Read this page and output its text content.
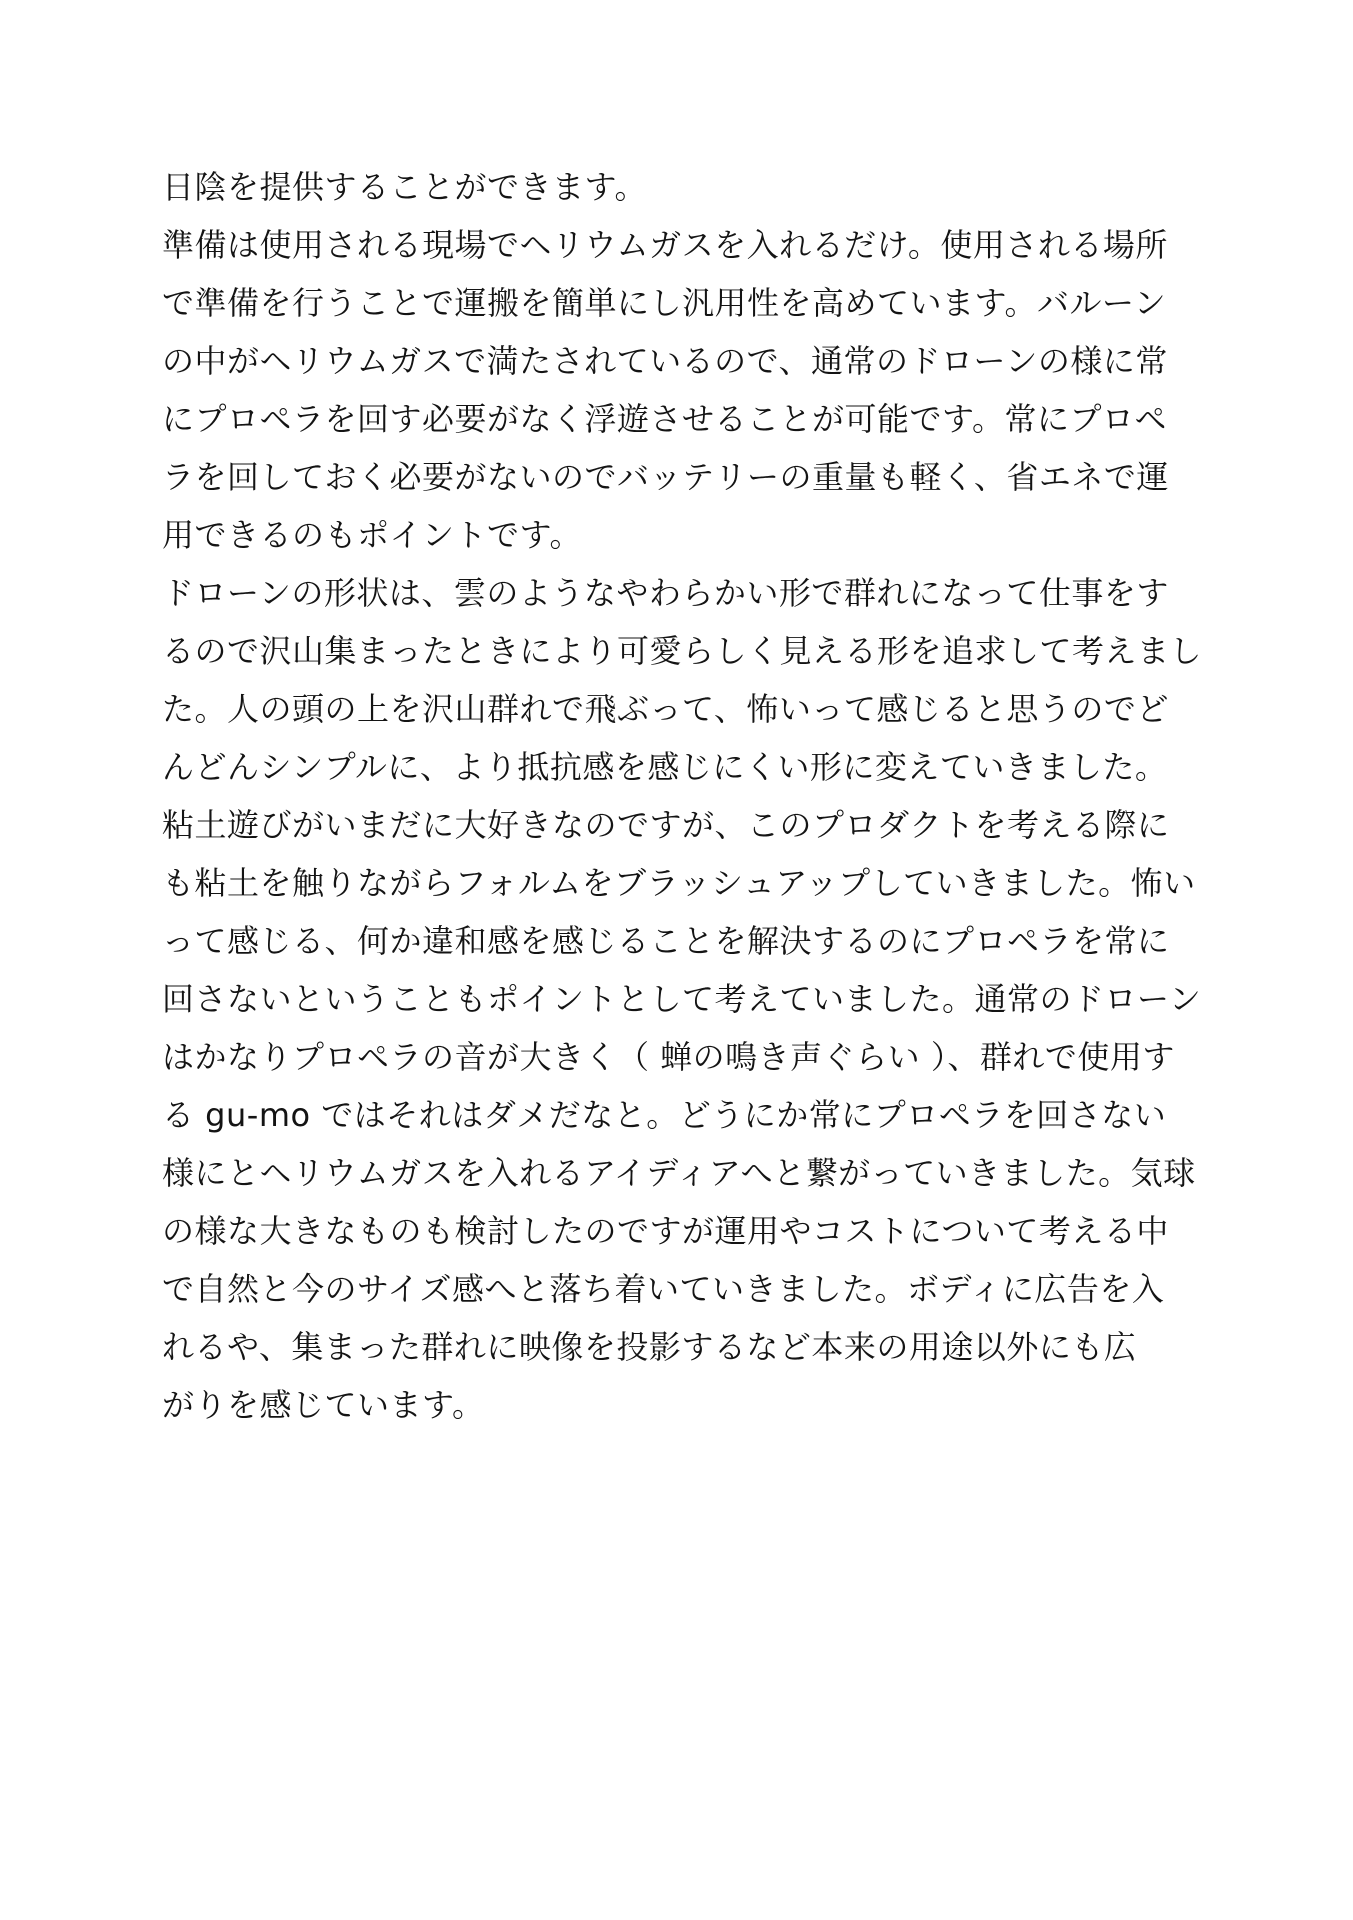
日陰を提供することができます。
準備は使用される現場でヘリウムガスを入れるだけ。使用される場所
で準備を行うことで運搬を簡単にし汎用性を高めています。バルーン
の中がヘリウムガスで満たされているので、通常のドローンの様に常
にプロペラを回す必要がなく浮遊させることが可能です。常にプロペ
ラを回しておく必要がないのでバッテリーの重量も軽く、省エネで運
用できるのもポイントです。
ドローンの形状は、雲のようなやわらかい形で群れになって仕事をす
るので沢山集まったときにより可愛らしく見える形を追求して考えまし
た。人の頭の上を沢山群れで飛ぶって、怖いって感じると思うのでど
んどんシンプルに、より抵抗感を感じにくい形に変えていきました。
粘土遊びがいまだに大好きなのですが、このプロダクトを考える際に
も粘土を触りながらフォルムをブラッシュアップしていきました。怖い
って感じる、何か違和感を感じることを解決するのにプロペラを常に
回さないということもポイントとして考えていました。通常のドローン
はかなりプロペラの音が大きく（ 蝉の鳴き声ぐらい ）、群れで使用す
る gu-mo ではそれはダメだなと。どうにか常にプロペラを回さない
様にとヘリウムガスを入れるアイディアへと繋がっていきました。気球
の様な大きなものも検討したのですが運用やコストについて考える中
で自然と今のサイズ感へと落ち着いていきました。ボディに広告を入
れるや、集まった群れに映像を投影するなど本来の用途以外にも広
がりを感じています。
